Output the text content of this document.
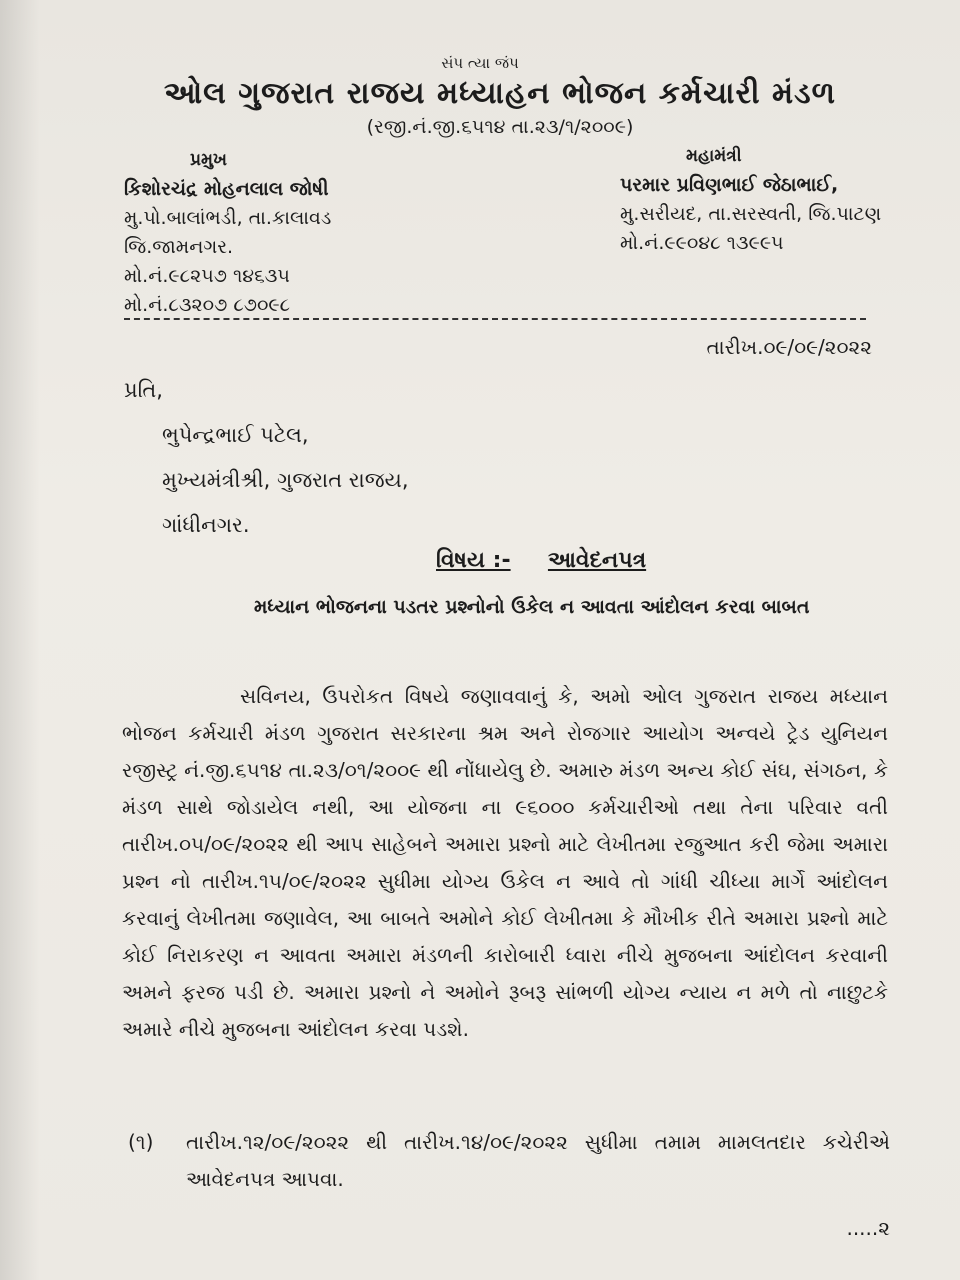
સંપ ત્યા જંપ
ઓલ ગુજરાત રાજય મધ્યાહન ભોજન કર્મચારી મંડળ
(રજી.નં.જી.૬૫૧૪ તા.૨૩/૧/૨૦૦૯)
પ્રમુખ
કિશોરચંદ્ર મોહનલાલ જોષી
મુ.પો.બાલાંભડી, તા.કાલાવડ
જિ.જામનગર.
મો.નં.૯૮૨૫૭ ૧૪૬૩૫
મો.નં.૮૩૨૦૭ ૮૭૦૯૮
મહામંત્રી
પરમાર પ્રવિણભાઈ જેઠાભાઈ,
મુ.સરીયદ, તા.સરસ્વતી, જિ.પાટણ
મો.નં.૯૯૦૪૮ ૧૩૯૯૫
તારીખ.૦૯/૦૯/૨૦૨૨
પ્રતિ,
ભુપેન્દ્રભાઈ પટેલ,
મુખ્યમંત્રીશ્રી, ગુજરાત રાજય,
ગાંધીનગર.
વિષય :- આવેદનપત્ર
મધ્યાન ભોજનના પડતર પ્રશ્નોનો ઉકેલ ન આવતા આંદોલન કરવા બાબત

સવિનય, ઉપરોકત વિષયે જણાવવાનું કે, અમો ઓલ ગુજરાત રાજય મધ્યાન ભોજન કર્મચારી મંડળ ગુજરાત સરકારના શ્રમ અને રોજગાર આયોગ અન્વયે ટ્રેડ યુનિયન રજીસ્ટ્ર નં.જી.૬૫૧૪ તા.૨૩/૦૧/૨૦૦૯ થી નોંધાયેલુ છે. અમારુ મંડળ અન્ય કોઈ સંઘ, સંગઠન, કે મંડળ સાથે જોડાયેલ નથી, આ યોજના ના ૯૬૦૦૦ કર્મચારીઓ તથા તેના પરિવાર વતી તારીખ.૦૫/૦૯/૨૦૨૨ થી આપ સાહેબને અમારા પ્રશ્નો માટે લેખીતમા રજુઆત કરી જેમા અમારા પ્રશ્ન નો તારીખ.૧૫/૦૯/૨૦૨૨ સુધીમા યોગ્ય ઉકેલ ન આવે તો ગાંધી ચીધ્યા માર્ગે આંદોલન કરવાનું લેખીતમા જણાવેલ, આ બાબતે અમોને કોઈ લેખીતમા કે મૌખીક રીતે અમારા પ્રશ્નો માટે કોઈ નિરાકરણ ન આવતા અમારા મંડળની કારોબારી ધ્વારા નીચે મુજબના આંદોલન કરવાની અમને ફરજ પડી છે. અમારા પ્રશ્નો ને અમોને રૂબરૂ સાંભળી યોગ્ય ન્યાય ન મળે તો નાછુટકે અમારે નીચે મુજબના આંદોલન કરવા પડશે.

(૧) તારીખ.૧૨/૦૯/૨૦૨૨ થી તારીખ.૧૪/૦૯/૨૦૨૨ સુધીમા તમામ મામલતદાર કચેરીએ આવેદનપત્ર આપવા.
.....૨
